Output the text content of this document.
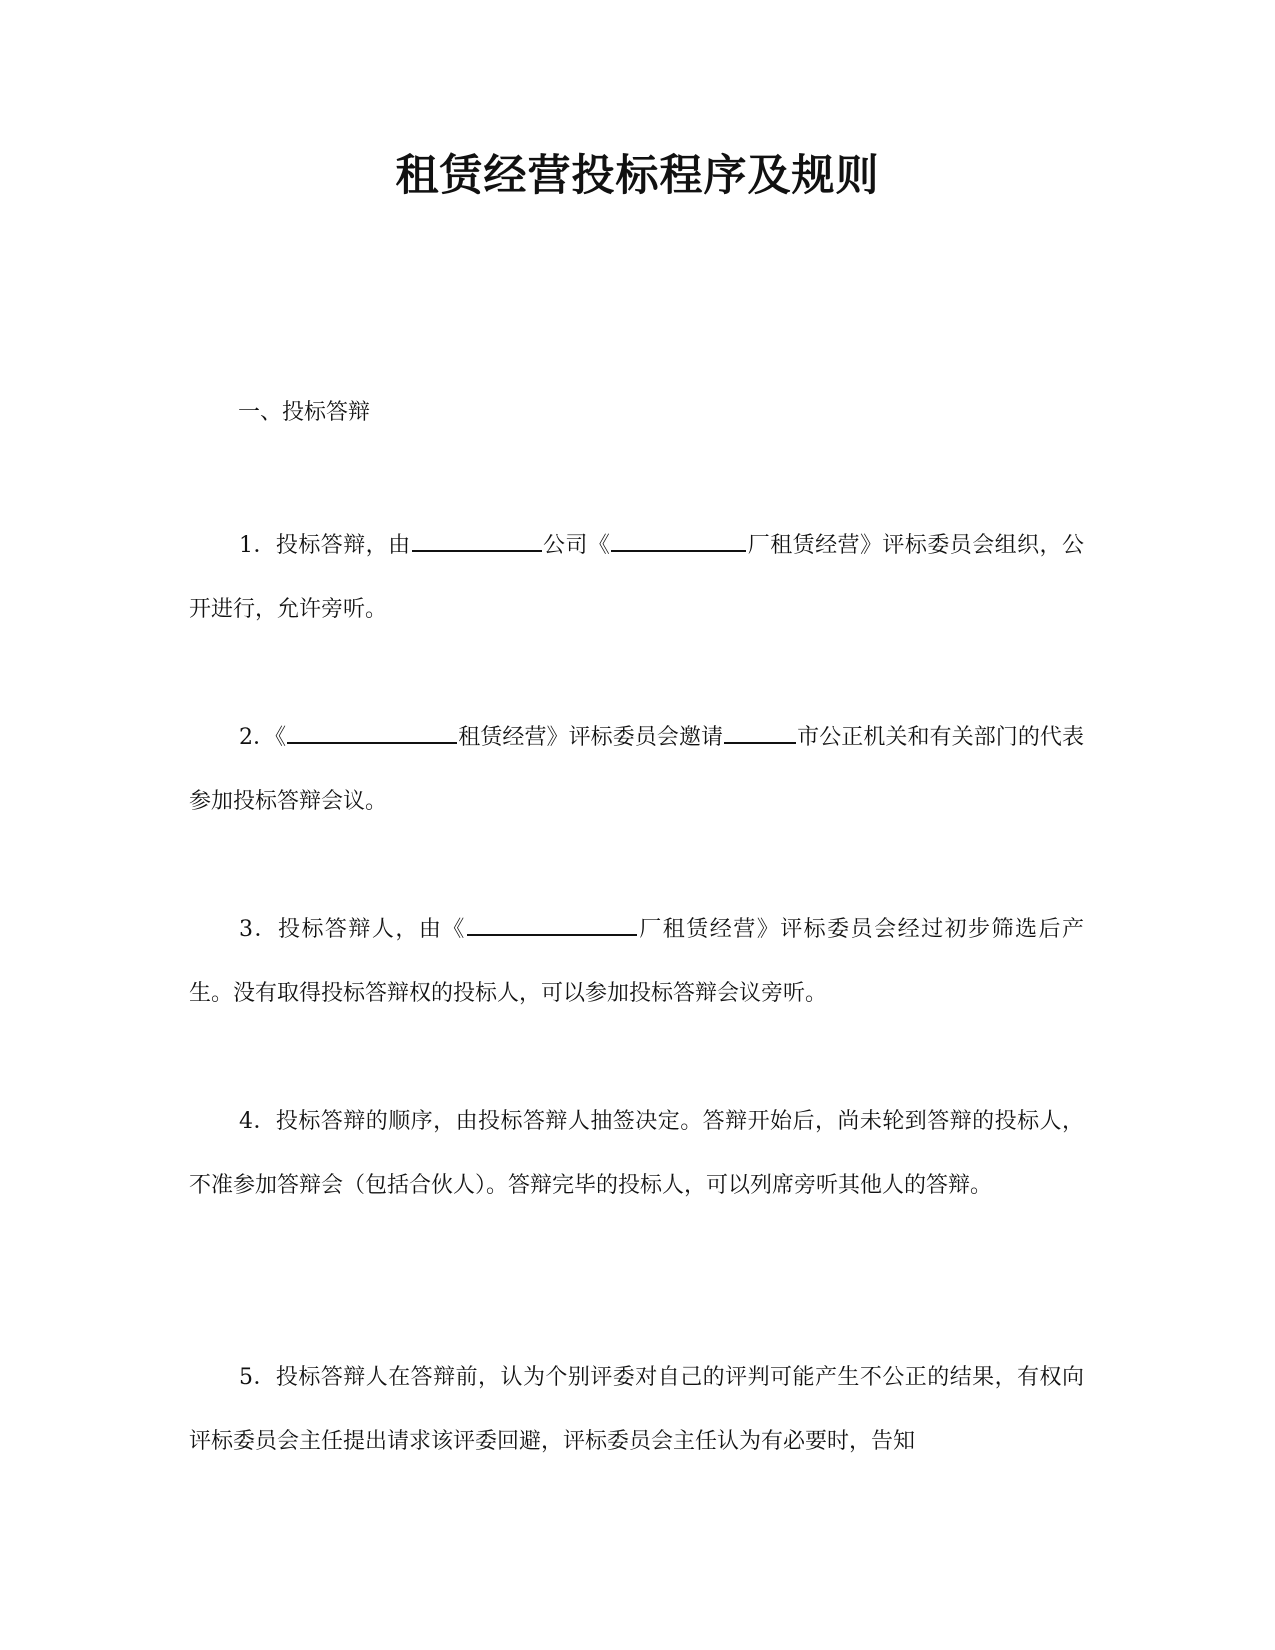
租赁经营投标程序及规则
一、投标答辩
1．投标答辩，由	公司《	厂租赁经营》评标委员会组织，公开进行，允许旁听。
2．《	租赁经营》评标委员会邀请	市公正机关和有关部门的代表参加投标答辩会议。
3．投标答辩人，由《	厂租赁经营》评标委员会经过初步筛选后产生。没有取得投标答辩权的投标人，可以参加投标答辩会议旁听。
4．投标答辩的顺序，由投标答辩人抽签决定。答辩开始后，尚未轮到答辩的投标人，不准参加答辩会（包括合伙人）。答辩完毕的投标人，可以列席旁听其他人的答辩。
5．投标答辩人在答辩前，认为个别评委对自己的评判可能产生不公正的结果，有权向评标委员会主任提出请求该评委回避，评标委员会主任认为有必要时，告知
